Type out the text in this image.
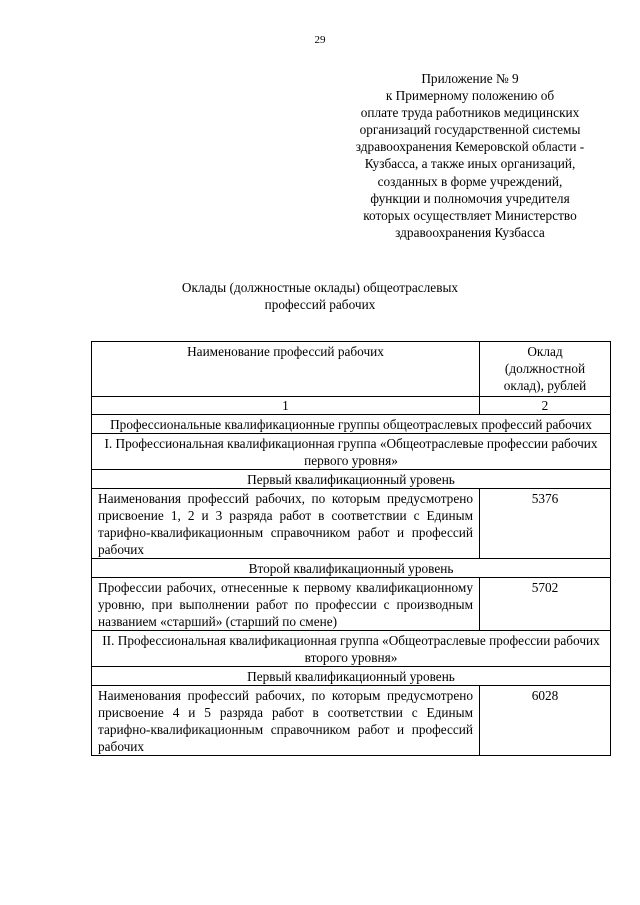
29
Приложение № 9
к Примерному положению об
оплате труда работников медицинских
организаций государственной системы
здравоохранения Кемеровской области -
Кузбасса, а также иных организаций,
созданных в форме учреждений,
функции и полномочия учредителя
которых осуществляет Министерство
здравоохранения Кузбасса
Оклады (должностные оклады) общеотраслевых
профессий рабочих
Наименование профессий рабочих	Оклад (должностной оклад), рублей
1	2
Профессиональные квалификационные группы общеотраслевых профессий рабочих	
I. Профессиональная квалификационная группа «Общеотраслевые профессии рабочих первого уровня»	
Первый квалификационный уровень	
Наименования профессий рабочих, по которым предусмотрено присвоение 1, 2 и 3 разряда работ в соответствии с Единым тарифно-квалификационным справочником работ и профессий рабочих	5376
Второй квалификационный уровень	
Профессии рабочих, отнесенные к первому квалификационному уровню, при выполнении работ по профессии с производным названием «старший» (старший по смене)	5702
II. Профессиональная квалификационная группа «Общеотраслевые профессии рабочих второго уровня»	
Первый квалификационный уровень	
Наименования профессий рабочих, по которым предусмотрено присвоение 4 и 5 разряда работ в соответствии с Единым тарифно-квалификационным справочником работ и профессий рабочих	6028
